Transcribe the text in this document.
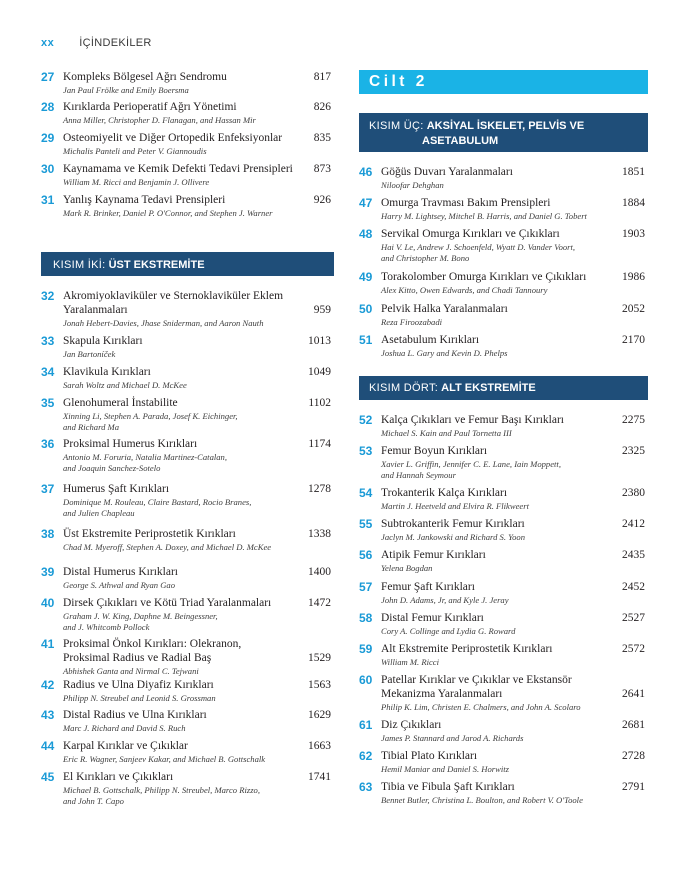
xx İÇİNDEKİLER
KISIM İKİ: ÜST EKSTREMİTE
27 Kompleks Bölgesel Ağrı Sendromu	817
Jan Paul Frölke and Emily Boersma
28 Kırıklarda Perioperatif Ağrı Yönetimi	826
Anna Miller, Christopher D. Flanagan, and Hassan Mir
29 Osteomiyelit ve Diğer Ortopedik Enfeksiyonlar	835
Michalis Panteli and Peter V. Giannoudis
30 Kaynamama ve Kemik Defekti Tedavi Prensipleri	873
William M. Ricci and Benjamin J. Ollivere
31 Yanlış Kaynama Tedavi Prensipleri	926
Mark R. Brinker, Daniel P. O'Connor, and Stephen J. Warner
32 Akromiyoklaviküler ve Sternoklaviküler Eklem
Yaralanmaları	959
Jonah Hebert-Davies, Jhase Sniderman, and Aaron Nauth
33 Skapula Kırıkları	1013
Jan Bartoníček
34 Klavikula Kırıkları	1049
Sarah Woltz and Michael D. McKee
35 Glenohumeral İnstabilite	1102
Xinning Li, Stephen A. Parada, Josef K. Eichinger,
and Richard Ma
36 Proksimal Humerus Kırıkları	1174
Antonio M. Foruria, Natalia Martinez-Catalan,
and Joaquin Sanchez-Sotelo
37 Humerus Şaft Kırıkları	1278
Dominique M. Rouleau, Claire Bastard, Rocio Branes,
and Julien Chapleau
38 Üst Ekstremite Periprostetik Kırıkları	1338
Chad M. Myeroff, Stephen A. Doxey, and Michael D. McKee
39 Distal Humerus Kırıkları	1400
George S. Athwal and Ryan Gao
40 Dirsek Çıkıkları ve Kötü Triad Yaralanmaları	1472
Graham J. W. King, Daphne M. Beingessner,
and J. Whitcomb Pollock
41 Proksimal Önkol Kırıkları: Olekranon,
Proksimal Radius ve Radial Baş	1529
Abhishek Ganta and Nirmal C. Tejwani
42 Radius ve Ulna Diyafiz Kırıkları	1563
Philipp N. Streubel and Leonid S. Grossman
43 Distal Radius ve Ulna Kırıkları	1629
Marc J. Richard and David S. Ruch
44 Karpal Kırıklar ve Çıkıklar	1663
Eric R. Wagner, Sanjeev Kakar, and Michael B. Gottschalk
45 El Kırıkları ve Çıkıkları	1741
Michael B. Gottschalk, Philipp N. Streubel, Marco Rizzo,
and John T. Capo
Cilt 2
KISIM ÜÇ: AKSİYAL İSKELET, PELVİS VE
ASETABULUM
KISIM DÖRT: ALT EKSTREMİTE
46 Göğüs Duvarı Yaralanmaları	1851
Niloofar Dehghan
47 Omurga Travması Bakım Prensipleri	1884
Harry M. Lightsey, Mitchel B. Harris, and Daniel G. Tobert
48 Servikal Omurga Kırıkları ve Çıkıkları	1903
Hai V. Le, Andrew J. Schoenfeld, Wyatt D. Vander Voort,
and Christopher M. Bono
49 Torakolomber Omurga Kırıkları ve Çıkıkları	1986
Alex Kitto, Owen Edwards, and Chadi Tannoury
50 Pelvik Halka Yaralanmaları	2052
Reza Firoozabadi
51 Asetabulum Kırıkları	2170
Joshua L. Gary and Kevin D. Phelps
52 Kalça Çıkıkları ve Femur Başı Kırıkları	2275
Michael S. Kain and Paul Tornetta III
53 Femur Boyun Kırıkları	2325
Xavier L. Griffin, Jennifer C. E. Lane, Iain Moppett,
and Hannah Seymour
54 Trokanterik Kalça Kırıkları	2380
Martin J. Heetveld and Elvira R. Flikweert
55 Subtrokanterik Femur Kırıkları	2412
Jaclyn M. Jankowski and Richard S. Yoon
56 Atipik Femur Kırıkları	2435
Yelena Bogdan
57 Femur Şaft Kırıkları	2452
John D. Adams, Jr, and Kyle J. Jeray
58 Distal Femur Kırıkları	2527
Cory A. Collinge and Lydia G. Roward
59 Alt Ekstremite Periprostetik Kırıkları	2572
William M. Ricci
60 Patellar Kırıklar ve Çıkıklar ve Ekstansör
Mekanizma Yaralanmaları	2641
Philip K. Lim, Christen E. Chalmers, and John A. Scolaro
61 Diz Çıkıkları	2681
James P. Stannard and Jarod A. Richards
62 Tibial Plato Kırıkları	2728
Hemil Maniar and Daniel S. Horwitz
63 Tibia ve Fibula Şaft Kırıkları	2791
Bennet Butler, Christina L. Boulton, and Robert V. O'Toole
